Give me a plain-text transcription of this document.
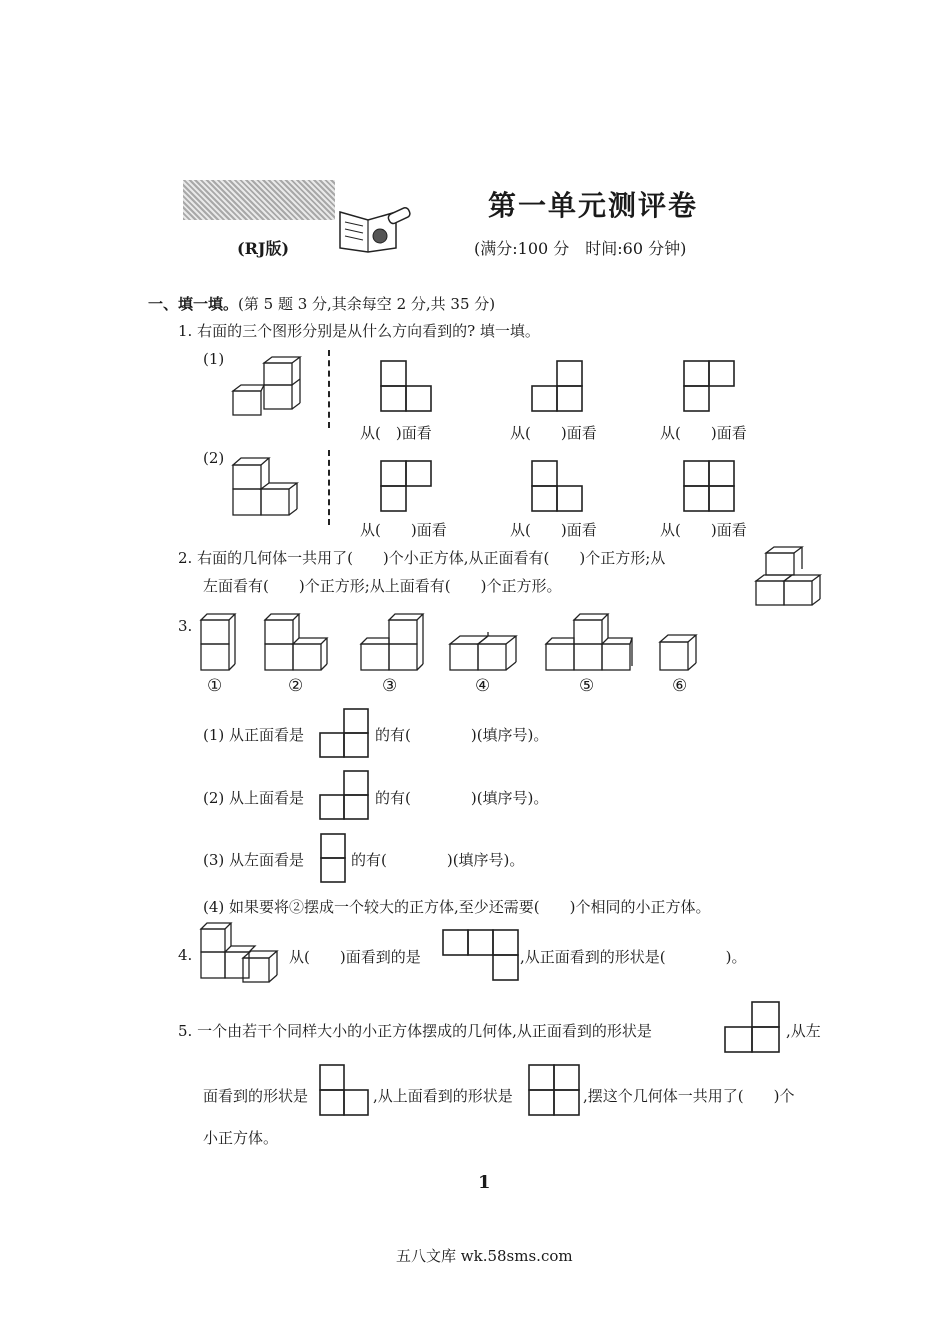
第一单元测评卷
(RJ版)	(满分:100 分　时间:60 分钟)
一、填一填。(第 5 题 3 分,其余每空 2 分,共 35 分)
1. 右面的三个图形分别是从什么方向看到的? 填一填。
(1)
(2)
从(　)面看	从(　　)面看	从(　　)面看
从(　　)面看	从(　　)面看	从(　　)面看
2. 右面的几何体一共用了(　　)个小正方体,从正面看有(　　)个正方形;从
左面看有(　　)个正方形;从上面看有(　　)个正方形。
3.
①	②	③	④	⑤	⑥
(1) 从正面看是	的有(　　　　)(填序号)。
(2) 从上面看是	的有(　　　　)(填序号)。
(3) 从左面看是	的有(　　　　)(填序号)。
(4) 如果要将②摆成一个较大的正方体,至少还需要(　　)个相同的小正方体。
4.	从(　　)面看到的是	,从正面看到的形状是(　　　　)。
5. 一个由若干个同样大小的小正方体摆成的几何体,从正面看到的形状是	,从左
面看到的形状是	,从上面看到的形状是	,摆这个几何体一共用了(　　)个
小正方体。
1
五八文库 wk.58sms.com
